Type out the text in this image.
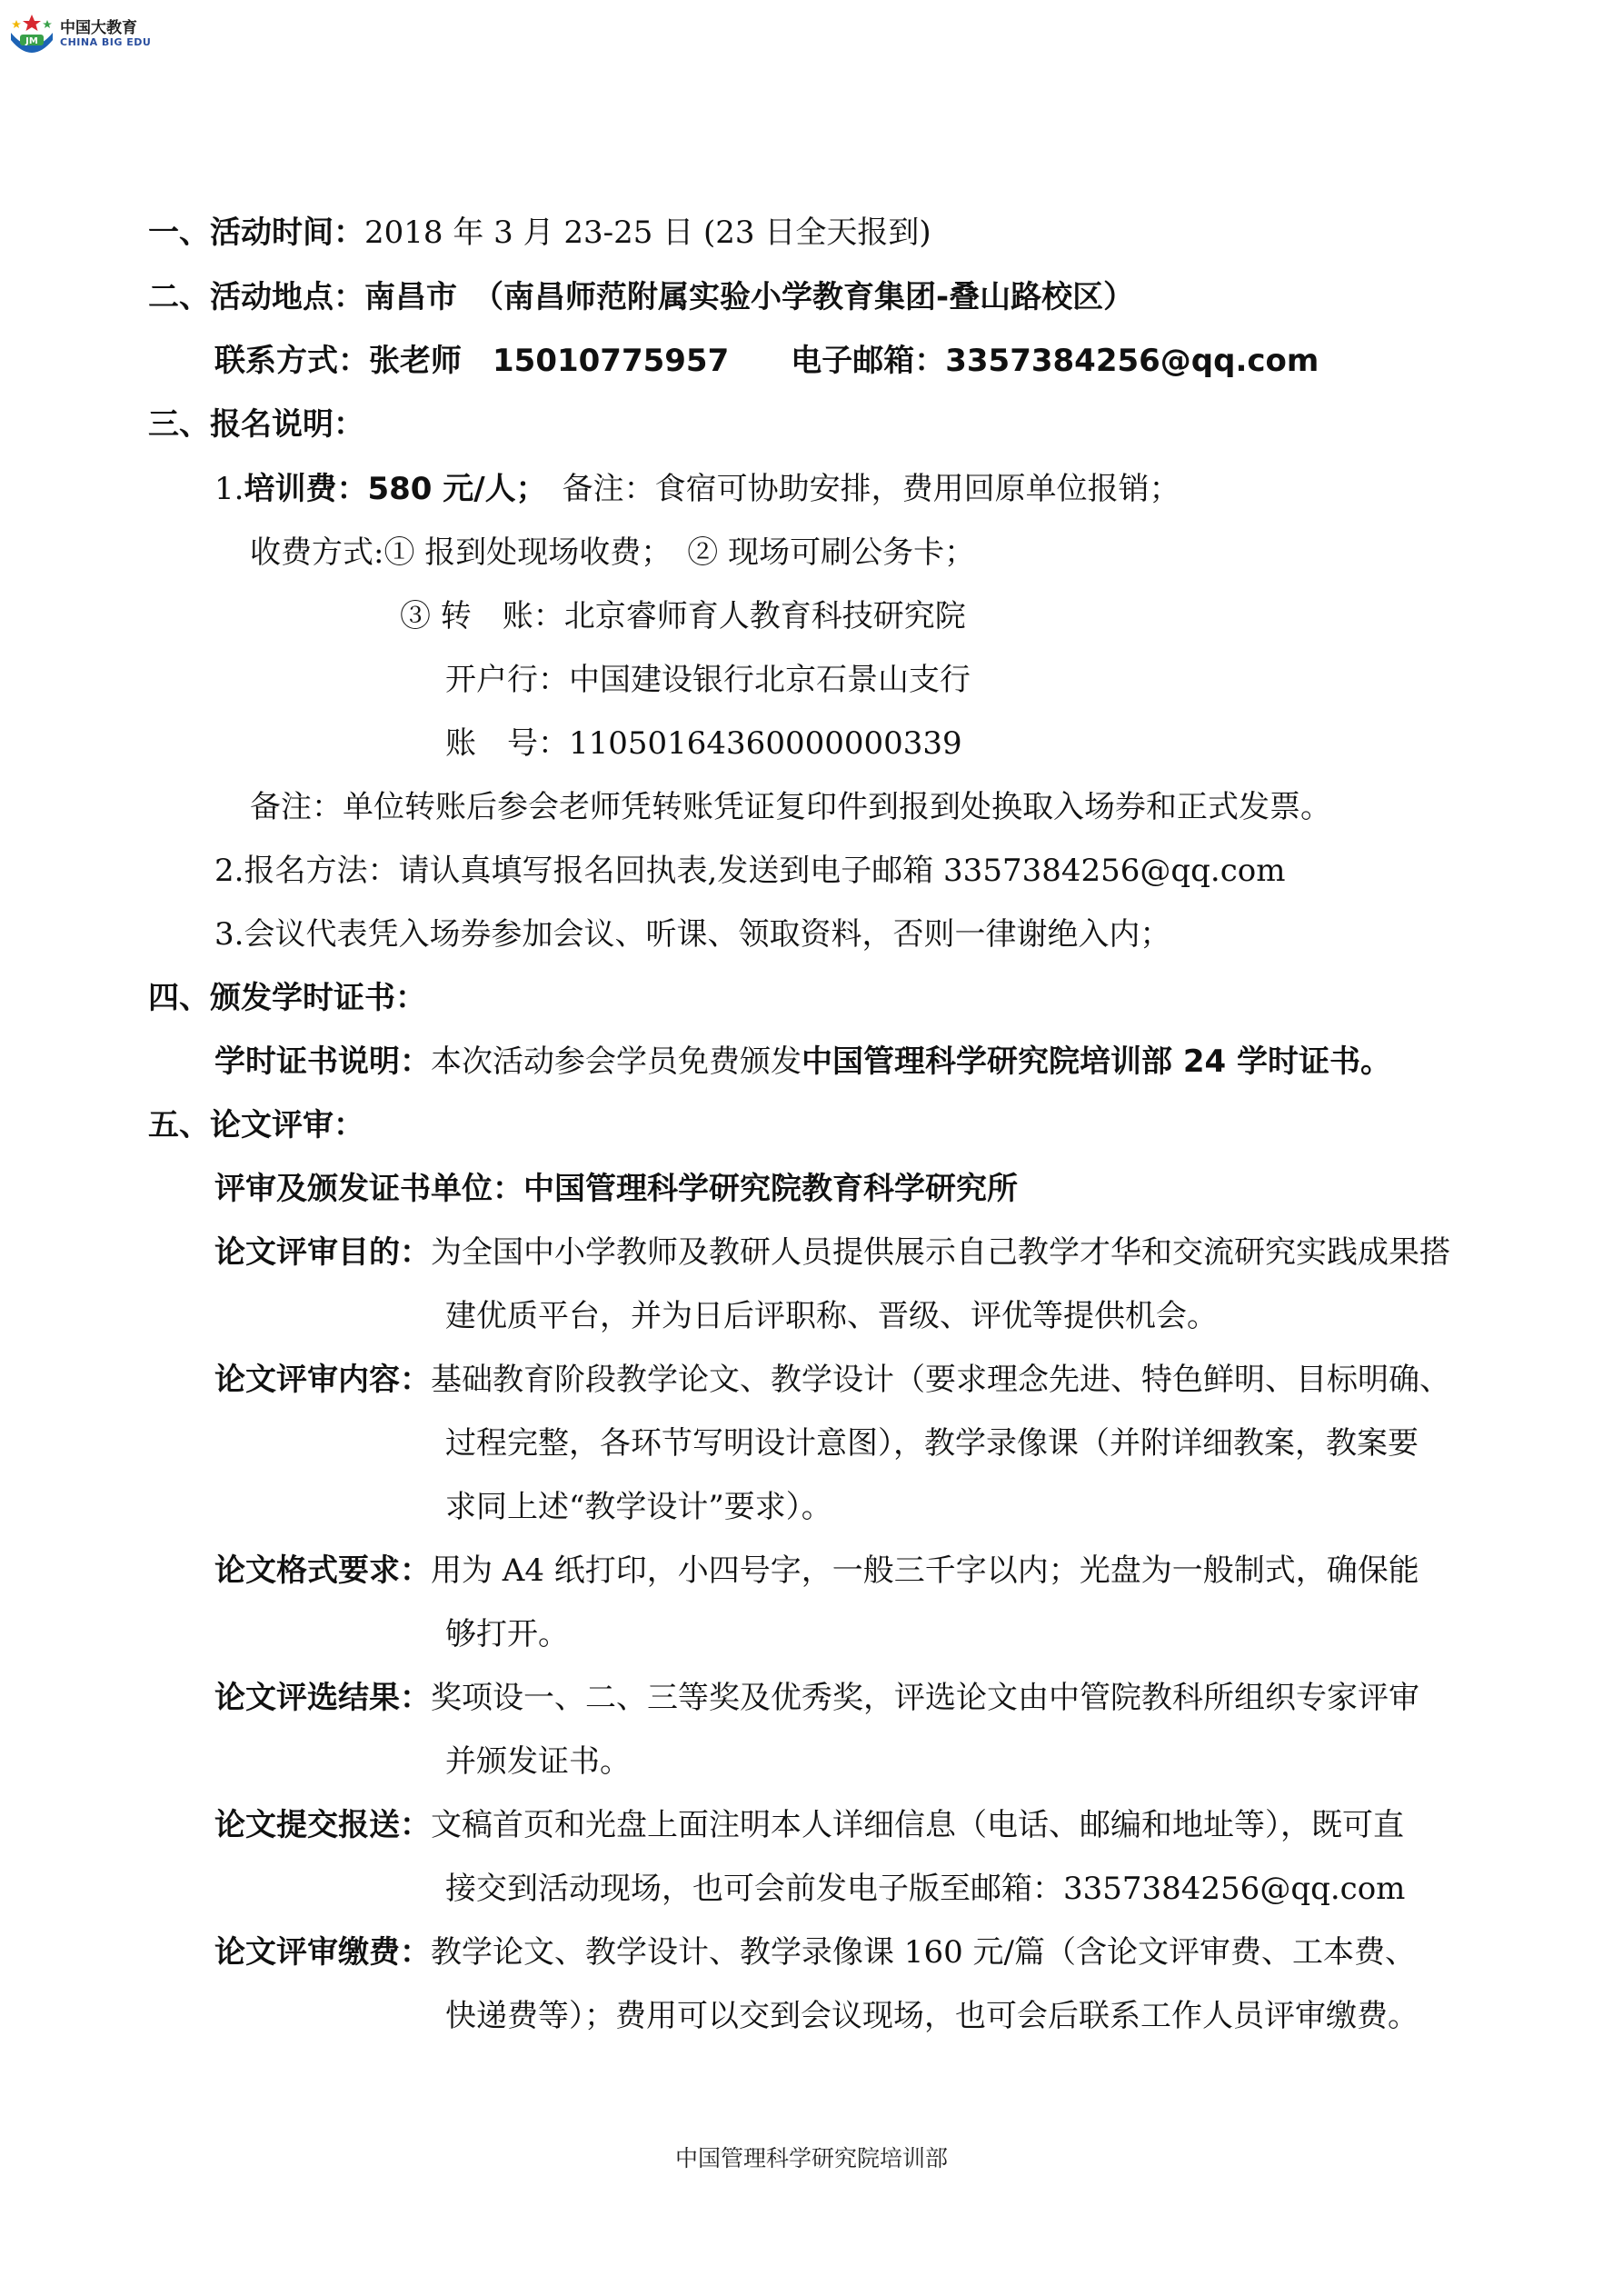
JM
中国大教育
CHINA BIG EDU
一、活动时间：2018 年 3 月 23-25 日 (23 日全天报到)
二、活动地点：南昌市　（南昌师范附属实验小学教育集团-叠山路校区）
联系方式：张老师　15010775957　　电子邮箱：3357384256@qq.com
三、报名说明：
1.培训费：580 元/人；　备注：食宿可协助安排，费用回原单位报销；
收费方式:① 报到处现场收费；　② 现场可刷公务卡；
③ 转　账：北京睿师育人教育科技研究院
开户行：中国建设银行北京石景山支行
账　号：11050164360000000339
备注：单位转账后参会老师凭转账凭证复印件到报到处换取入场券和正式发票。
2.报名方法：请认真填写报名回执表,发送到电子邮箱 3357384256@qq.com
3.会议代表凭入场券参加会议、听课、领取资料，否则一律谢绝入内；
四、颁发学时证书：
学时证书说明：本次活动参会学员免费颁发中国管理科学研究院培训部 24 学时证书。
五、论文评审：
评审及颁发证书单位：中国管理科学研究院教育科学研究所
论文评审目的：为全国中小学教师及教研人员提供展示自己教学才华和交流研究实践成果搭
建优质平台，并为日后评职称、晋级、评优等提供机会。
论文评审内容：基础教育阶段教学论文、教学设计（要求理念先进、特色鲜明、目标明确、
过程完整，各环节写明设计意图），教学录像课（并附详细教案，教案要
求同上述“教学设计”要求）。
论文格式要求：用为 A4 纸打印，小四号字，一般三千字以内；光盘为一般制式，确保能
够打开。
论文评选结果：奖项设一、二、三等奖及优秀奖，评选论文由中管院教科所组织专家评审
并颁发证书。
论文提交报送：文稿首页和光盘上面注明本人详细信息（电话、邮编和地址等），既可直
接交到活动现场，也可会前发电子版至邮箱：3357384256@qq.com
论文评审缴费：教学论文、教学设计、教学录像课 160 元/篇（含论文评审费、工本费、
快递费等）；费用可以交到会议现场，也可会后联系工作人员评审缴费。
中国管理科学研究院培训部
